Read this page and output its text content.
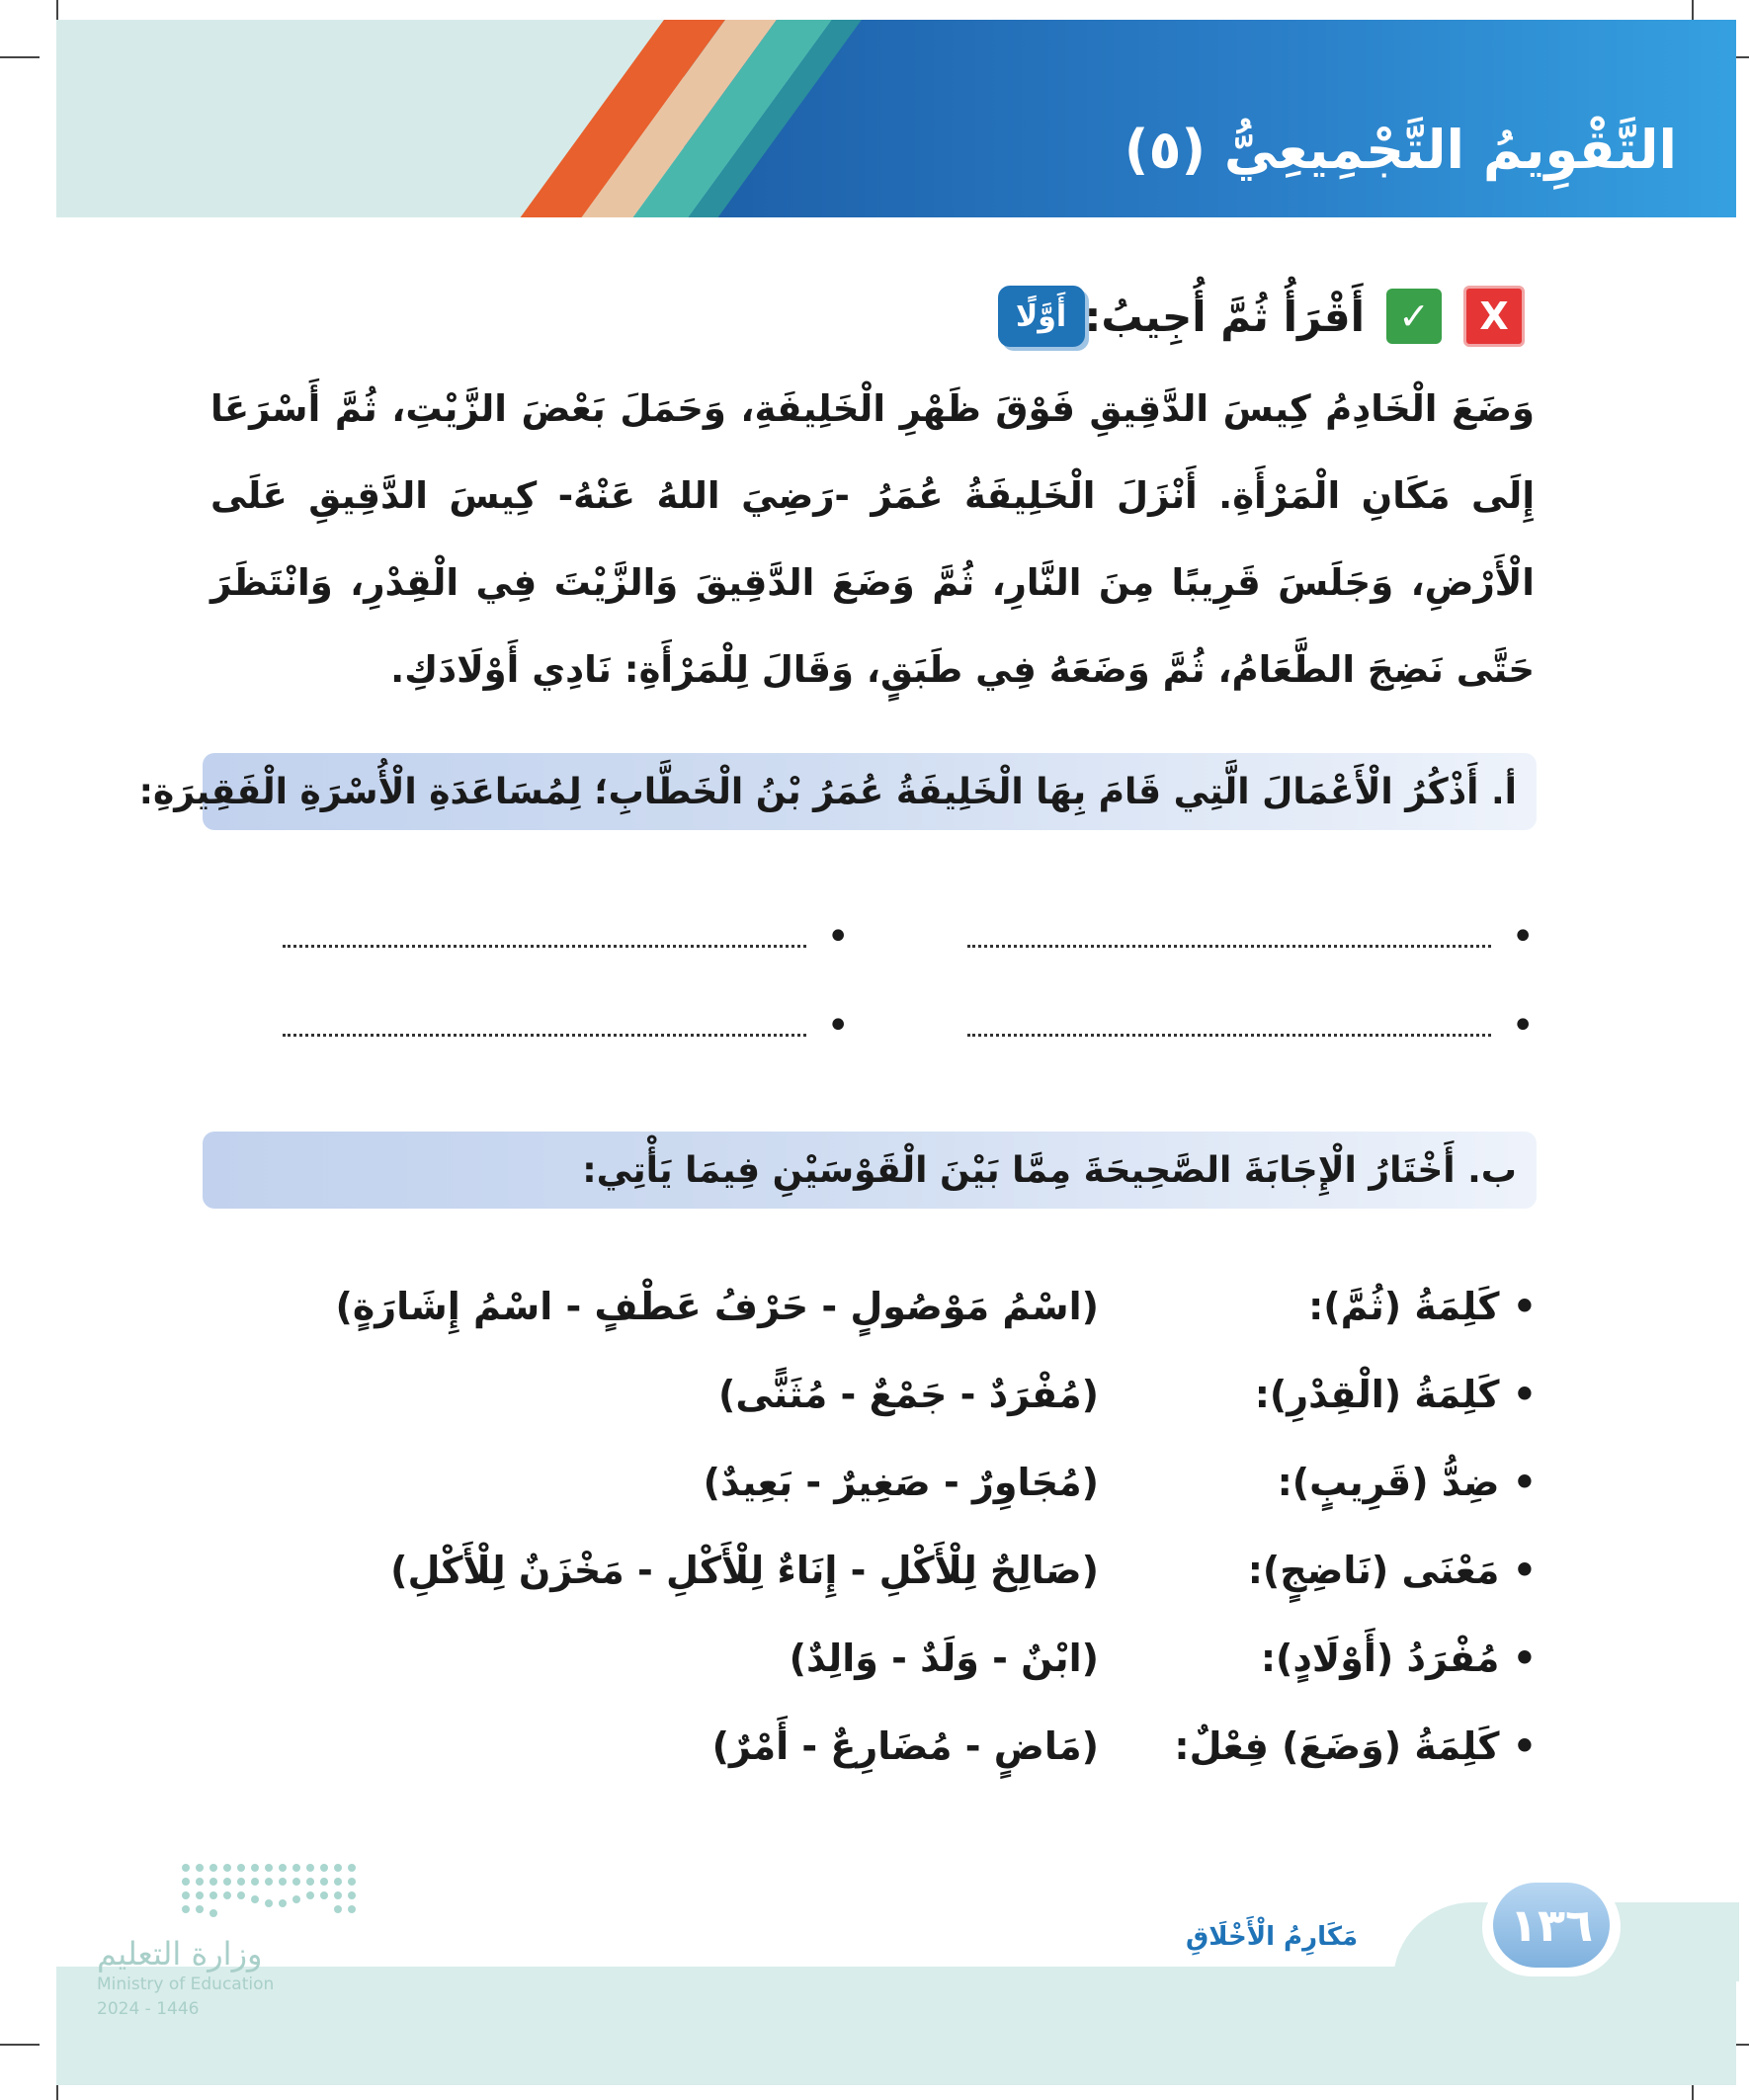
التَّقْوِيمُ التَّجْمِيعِيُّ (٥)
أَوَّلًا أَقْرَأُ ثُمَّ أُجِيبُ: ✓	X
وَضَعَ الْخَادِمُ كِيسَ الدَّقِيقِ فَوْقَ ظَهْرِ الْخَلِيفَةِ، وَحَمَلَ بَعْضَ الزَّيْتِ، ثُمَّ أَسْرَعَا إِلَى مَكَانِ الْمَرْأَةِ. أَنْزَلَ الْخَلِيفَةُ عُمَرُ -رَضِيَ اللهُ عَنْهُ- كِيسَ الدَّقِيقِ عَلَى الْأَرْضِ، وَجَلَسَ قَرِيبًا مِنَ النَّارِ، ثُمَّ وَضَعَ الدَّقِيقَ وَالزَّيْتَ فِي الْقِدْرِ، وَانْتَظَرَ حَتَّى نَضِجَ الطَّعَامُ، ثُمَّ وَضَعَهُ فِي طَبَقٍ، وَقَالَ لِلْمَرْأَةِ: نَادِي أَوْلَادَكِ.
أ. أَذْكُرُ الْأَعْمَالَ الَّتِي قَامَ بِهَا الْخَلِيفَةُ عُمَرُ بْنُ الْخَطَّابِ؛ لِمُسَاعَدَةِ الْأُسْرَةِ الْفَقِيرَةِ:
•
•
•
•
ب. أَخْتَارُ الْإِجَابَةَ الصَّحِيحَةَ مِمَّا بَيْنَ الْقَوْسَيْنِ فِيمَا يَأْتِي:
• كَلِمَةُ (ثُمَّ):
(اسْمُ مَوْصُولٍ - حَرْفُ عَطْفٍ - اسْمُ إِشَارَةٍ)
• كَلِمَةُ (الْقِدْرِ):
(مُفْرَدٌ - جَمْعٌ - مُثَنًّى)
• ضِدُّ (قَرِيبٍ):
(مُجَاوِرٌ - صَغِيرٌ - بَعِيدٌ)
• مَعْنَى (نَاضِجٍ):
(صَالِحٌ لِلْأَكْلِ - إِنَاءٌ لِلْأَكْلِ - مَخْزَنٌ لِلْأَكْلِ)
• مُفْرَدُ (أَوْلَادٍ):
(ابْنٌ - وَلَدٌ - وَالِدٌ)
• كَلِمَةُ (وَضَعَ) فِعْلٌ:
(مَاضٍ - مُضَارِعٌ - أَمْرٌ)
١٣٦
مَكَارِمُ الْأَخْلَاقِ
وزارة التعليم
Ministry of Education
2024 - 1446
